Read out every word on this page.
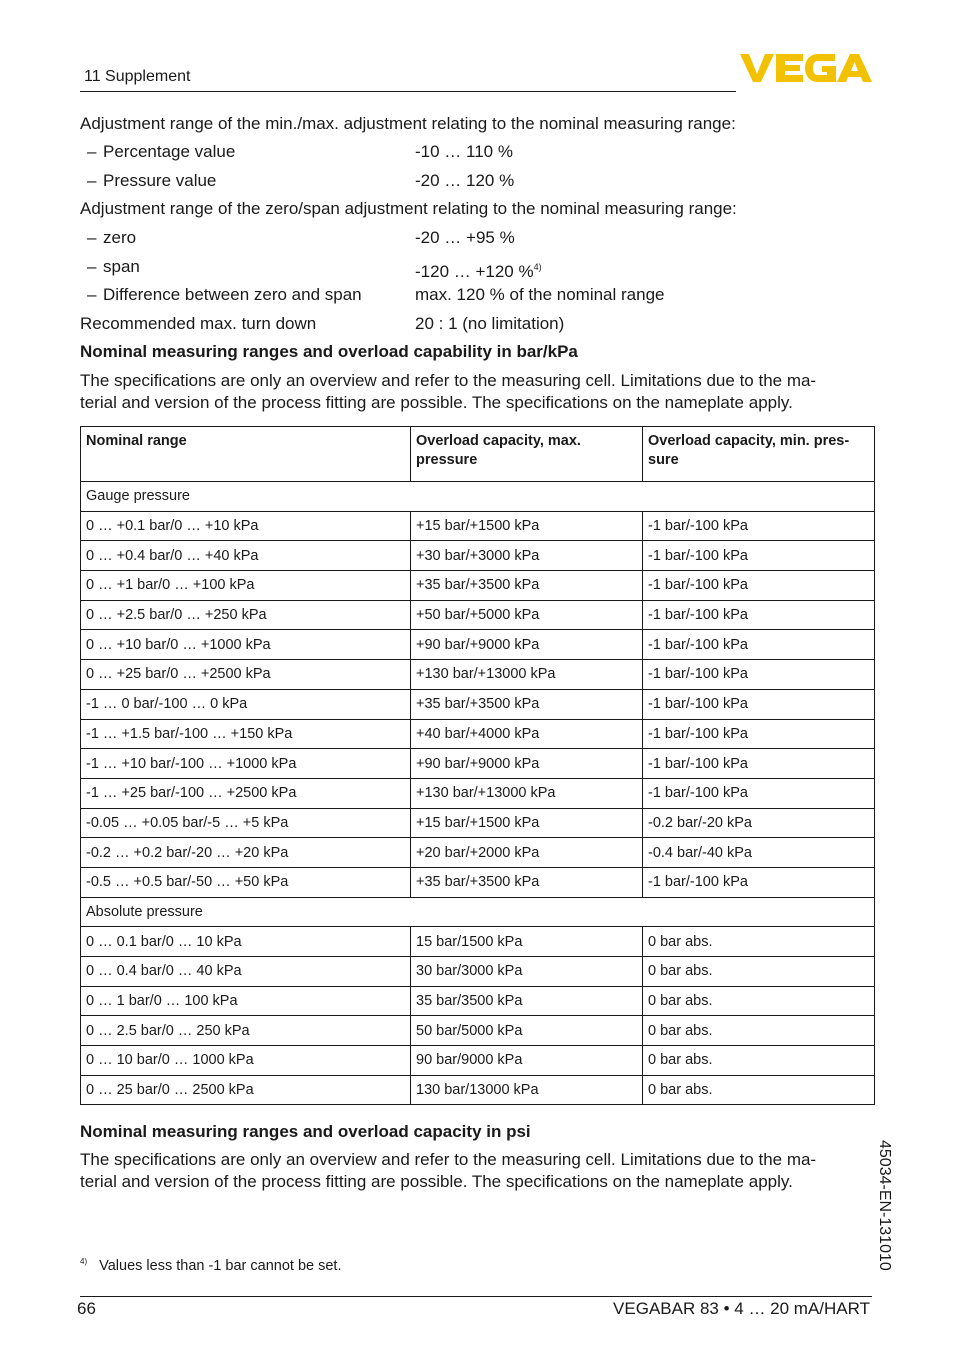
11 Supplement
Adjustment range of the min./max. adjustment relating to the nominal measuring range:
– Percentage value	-10 … 110 %
– Pressure value	-20 … 120 %
Adjustment range of the zero/span adjustment relating to the nominal measuring range:
– zero	-20 … +95 %
– span	-120 … +120 %$^{4)}$
– Difference between zero and span	max. 120 % of the nominal range
Recommended max. turn down	20 : 1 (no limitation)
Nominal measuring ranges and overload capability in bar/kPa
The specifications are only an overview and refer to the measuring cell. Limitations due to the ma-
terial and version of the process fitting are possible. The specifications on the nameplate apply.
Nominal range	Overload capacity, max. pressure	Overload capacity, min. pres- sure
Gauge pressure		
0 … +0.1 bar/0 … +10 kPa	+15 bar/+1500 kPa	-1 bar/-100 kPa
0 … +0.4 bar/0 … +40 kPa	+30 bar/+3000 kPa	-1 bar/-100 kPa
0 … +1 bar/0 … +100 kPa	+35 bar/+3500 kPa	-1 bar/-100 kPa
0 … +2.5 bar/0 … +250 kPa	+50 bar/+5000 kPa	-1 bar/-100 kPa
0 … +10 bar/0 … +1000 kPa	+90 bar/+9000 kPa	-1 bar/-100 kPa
0 … +25 bar/0 … +2500 kPa	+130 bar/+13000 kPa	-1 bar/-100 kPa
-1 … 0 bar/-100 … 0 kPa	+35 bar/+3500 kPa	-1 bar/-100 kPa
-1 … +1.5 bar/-100 … +150 kPa	+40 bar/+4000 kPa	-1 bar/-100 kPa
-1 … +10 bar/-100 … +1000 kPa	+90 bar/+9000 kPa	-1 bar/-100 kPa
-1 … +25 bar/-100 … +2500 kPa	+130 bar/+13000 kPa	-1 bar/-100 kPa
-0.05 … +0.05 bar/-5 … +5 kPa	+15 bar/+1500 kPa	-0.2 bar/-20 kPa
-0.2 … +0.2 bar/-20 … +20 kPa	+20 bar/+2000 kPa	-0.4 bar/-40 kPa
-0.5 … +0.5 bar/-50 … +50 kPa	+35 bar/+3500 kPa	-1 bar/-100 kPa
Absolute pressure		
0 … 0.1 bar/0 … 10 kPa	15 bar/1500 kPa	0 bar abs.
0 … 0.4 bar/0 … 40 kPa	30 bar/3000 kPa	0 bar abs.
0 … 1 bar/0 … 100 kPa	35 bar/3500 kPa	0 bar abs.
0 … 2.5 bar/0 … 250 kPa	50 bar/5000 kPa	0 bar abs.
0 … 10 bar/0 … 1000 kPa	90 bar/9000 kPa	0 bar abs.
0 … 25 bar/0 … 2500 kPa	130 bar/13000 kPa	0 bar abs.
Nominal measuring ranges and overload capacity in psi
The specifications are only an overview and refer to the measuring cell. Limitations due to the ma-
terial and version of the process fitting are possible. The specifications on the nameplate apply.
$^{4)}$ Values less than -1 bar cannot be set.
66	VEGABAR 83 • 4 … 20 mA/HART
45034-EN-131010
